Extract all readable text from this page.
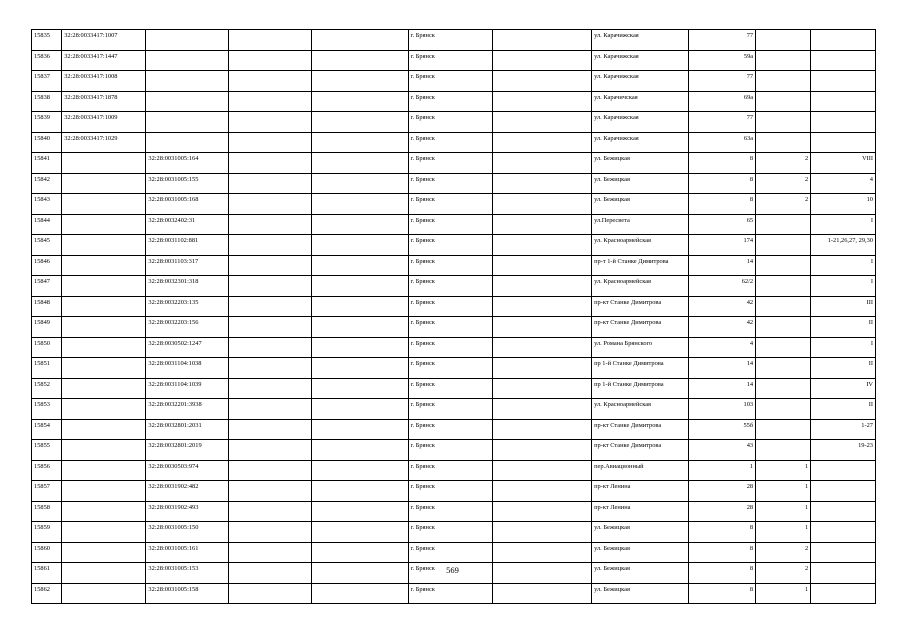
15835	32:28:0033417:1007				г. Брянск		ул. Карачижская	77		
15836	32:28:0033417:1447				г. Брянск		ул. Карачижская	59а		
15837	32:28:0033417:1008				г. Брянск		ул. Карачижская	77		
15838	32:28:0033417:1878				г. Брянск		ул. Карачичская	69а		
15839	32:28:0033417:1009				г. Брянск		ул. Карачижская	77		
15840	32:28:0033417:1029				г. Брянск		ул. Карачижская	63а		
15841		32:28:0031005:164			г. Брянск		ул. Бежицкая	8	2	VIII
15842		32:28:0031005:155			г. Брянск		ул. Бежицкая	8	2	4
15843		32:28:0031005:168			г. Брянск		ул. Бежицкая	8	2	10
15844		32:28:0032402:31			г. Брянск		ул.Пересвета	65		I
15845		32:28:0031102:881			г. Брянск		ул. Красноармейская	174		1-21,26,27, 29,30
15846		32:28:0031103:317			г. Брянск		пр-т 1-й Станке Димитрова	14		I
15847		32:28:0032301:318			г. Брянск		ул. Красноармейская	62/2		I
15848		32:28:0032203:135			г. Брянск		пр-кт Станке Димитрова	42		III
15849		32:28:0032203:156			г. Брянск		пр-кт Станке Димитрова	42		II
15850		32:28:0030502:1247			г. Брянск		ул. Романа Брянского	4		I
15851		32:28:0031104:1038			г. Брянск		пр 1-й Станке Димитрова	14		II
15852		32:28:0031104:1039			г. Брянск		пр 1-й Станке Димитрова	14		IV
15853		32:28:0032201:3938			г. Брянск		ул. Красноармейская	103		II
15854		32:28:0032801:2031			г. Брянск		пр-кт Станке Димитрова	55б		1-27
15855		32:28:0032801:2019			г. Брянск		пр-кт Станке Димитрова	43		19-23
15856		32:28:0030503:974			г. Брянск		пер.Авиационный	1	1	
15857		32:28:0031902:482			г. Брянск		пр-кт Ленина	28	1	
15858		32:28:0031902:493			г. Брянск		пр-кт Ленина	28	1	
15859		32:28:0031005:150			г. Брянск		ул. Бежицкая	8	1	
15860		32:28:0031005:161			г. Брянск		ул. Бежицкая	8	2	
15861		32:28:0031005:153			г. Брянск		ул. Бежицкая	8	2	
15862		32:28:0031005:158			г. Брянск		ул. Бежицкая	8	1	
569
